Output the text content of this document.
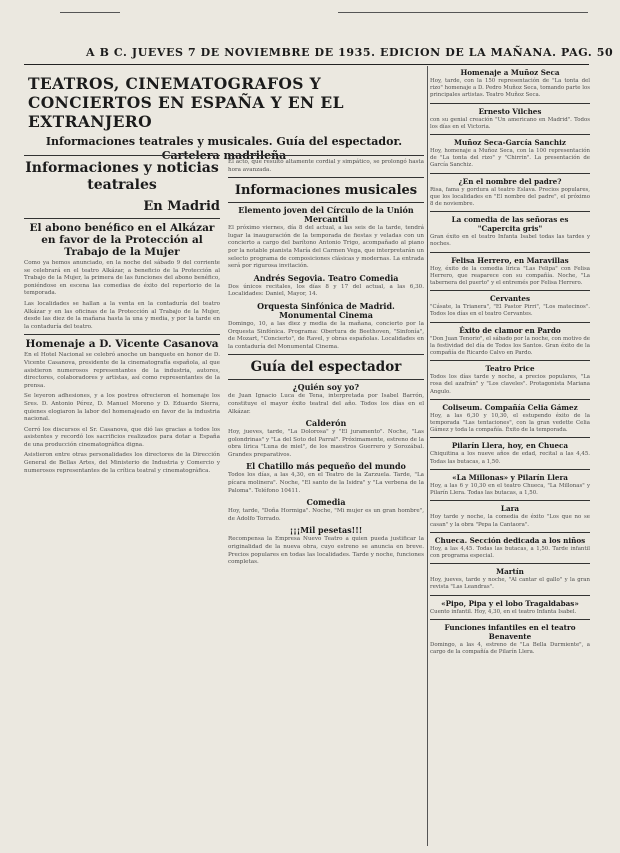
A B C. JUEVES 7 DE NOVIEMBRE DE 1935. EDICION DE LA MAÑANA. PAG. 50
TEATROS, CINEMATOGRAFOS Y CONCIERTOS EN ESPAÑA Y EN EL EXTRANJERO
Informaciones teatrales y musicales. Guía del espectador. Cartelera madrileña
Informaciones y noticias teatrales
En Madrid
El abono benéfico en el Alkázar en favor de la Protección al Trabajo de la Mujer

Como ya hemos anunciado, en la noche del sábado 9 del corriente se celebrará en el teatro Alkázar, a beneficio de la Protección al Trabajo de la Mujer, la primera de las funciones del abono benéfico, poniéndose en escena las comedias de éxito del repertorio de la temporada.

Las localidades se hallan a la venta en la contaduría del teatro Alkázar y en las oficinas de la Protección al Trabajo de la Mujer, desde las diez de la mañana hasta la una y media, y por la tarde en la contaduría del teatro.

Homenaje a D. Vicente Casanova

En el Hotel Nacional se celebró anoche un banquete en honor de D. Vicente Casanova, presidente de la cinematografía española, al que asistieron numerosos representantes de la industria, autores, directores, colaboradores y artistas, así como representantes de la prensa.

Se leyeron adhesiones, y a los postres ofrecieron el homenaje los Sres. D. Antonio Pérez, D. Manuel Moreno y D. Eduardo Sierra, quienes elogiaron la labor del homenajeado en favor de la industria nacional.

Cerró los discursos el Sr. Casanova, que dió las gracias a todos los asistentes y recordó los sacrificios realizados para dotar a España de una producción cinematográfica digna.

Asistieron entre otras personalidades los directores de la Dirección General de Bellas Artes, del Ministerio de Industria y Comercio y numerosos representantes de la crítica teatral y cinematográfica.

El acto, que resultó altamente cordial y simpático, se prolongó hasta hora avanzada.

Informaciones musicales
Elemento joven del Círculo de la Unión Mercantil

El próximo viernes, día 8 del actual, a las seis de la tarde, tendrá lugar la inauguración de la temporada de fiestas y veladas con un concierto a cargo del barítono Antonio Trigo, acompañado al piano por la notable pianista María del Carmen Vega, que interpretarán un selecto programa de composiciones clásicas y modernas. La entrada será por rigurosa invitación.

Andrés Segovia. Teatro Comedia

Dos únicos recitales, los días 8 y 17 del actual, a las 6,30. Localidades: Daniel, Mayor, 14.

Orquesta Sinfónica de Madrid. Monumental Cinema

Domingo, 10, a las diez y media de la mañana, concierto por la Orquesta Sinfónica. Programa: Obertura de Beethoven, "Sinfonía", de Mozart, "Concierto", de Ravel, y obras españolas. Localidades en la contaduría del Monumental Cinema.

Guía del espectador
¿Quién soy yo?

de Juan Ignacio Luca de Tena, interpretada por Isabel Barrón, constituye el mayor éxito teatral del año. Todos los días en el Alkázar.

Calderón

Hoy, jueves, tarde, "La Dolorosa" y "El juramento". Noche, "Las golondrinas" y "La del Soto del Parral". Próximamente, estreno de la obra lírica "Luna de miel", de los maestros Guerrero y Sorozábal. Grandes preparativos.

El Chatillo más pequeño del mundo

Todos los días, a las 4,30, en el Teatro de la Zarzuela. Tarde, "La pícara molinera". Noche, "El santo de la Isidra" y "La verbena de la Paloma". Teléfono 10411.

Comedia

Hoy, tarde, "Doña Hormiga". Noche, "Mi mujer es un gran hombre", de Adolfo Torrado.

¡¡¡Mil pesetas!!!

Recompensa la Empresa Nuevo Teatro a quien pueda justificar la originalidad de la nueva obra, cuyo estreno se anuncia en breve. Precios populares en todas las localidades. Tarde y noche, funciones completas.

Homenaje a Muñoz Seca

Hoy, tarde, con la 150 representación de "La tonta del rizo" homenaje a D. Pedro Muñoz Seca, tomando parte los principales artistas. Teatro Muñoz Seca.

Ernesto Vilches

con su genial creación "Un americano en Madrid". Todos los días en el Victoria.

Muñoz Seca-García Sanchiz

Hoy, homenaje a Muñoz Seca, con la 100 representación de "La tonta del rizo" y "Chirrin". La presentación de García Sanchiz.

¿En el nombre del padre?

Risa, fama y gordura al teatro Eslava. Precios populares, que los localidades en "El nombre del padre", el próximo 8 de noviembre.

La comedia de las señoras es "Capercita gris"

Gran éxito en el teatro Infanta Isabel todas las tardes y noches.

Felisa Herrero, en Maravillas

Hoy, éxito de la comedia lírica "Las Felipa" con Felisa Herrero, que reaparece con su compañía. Noche, "La tabernera del puerto" y el entremés por Felisa Herrero.

Cervantes

"Cásate, la Trianera", "El Pastor Pirri", "Los matecinos". Todos los días en el teatro Cervantes.

Éxito de clamor en Pardo

"Don Juan Tenorio", el sábado por la noche, con motivo de la festividad del día de Todos los Santos. Gran éxito de la compañía de Ricardo Calvo en Pardo.

Teatro Price

Todos los días tarde y noche, a precios populares, "La rosa del azafrán" y "Los claveles". Protagonista Mariana Angulo.

Coliseum. Compañía Celia Gámez

Hoy, a las 6,30 y 10,30, el estupendo éxito de la temporada "Las tentaciones", con la gran vedette Celia Gámez y toda la compañía. Éxito de la temporada.

Pilarín Llera, hoy, en Chueca

Chiquitina a los nueve años de edad, recital a las 4,45. Todas las butacas, a 1,50.

«La Millonas» y Pilarín Llera

Hoy, a las 6 y 10,30 en el teatro Chueca, "La Millonas" y Pilarín Llera. Todas las butacas, a 1,50.

Lara

Hoy tarde y noche, la comedia de éxito "Los que no se casan" y la obra "Pepa la Cantaora".

Chueca. Sección dedicada a los niños

Hoy, a las 4,45. Todas las butacas, a 1,50. Tarde infantil con programa especial.

Martín

Hoy, jueves, tarde y noche, "Al cantar el gallo" y la gran revista "Las Leandras".

«Pipo, Pipa y el lobo Tragaldabas»

Cuento infantil. Hoy, 4,30, en el teatro Infanta Isabel.

Funciones infantiles en el teatro Benavente

Domingo, a las 4, estreno de "La Bella Durmiente", a cargo de la compañía de Pilarín Llera.
